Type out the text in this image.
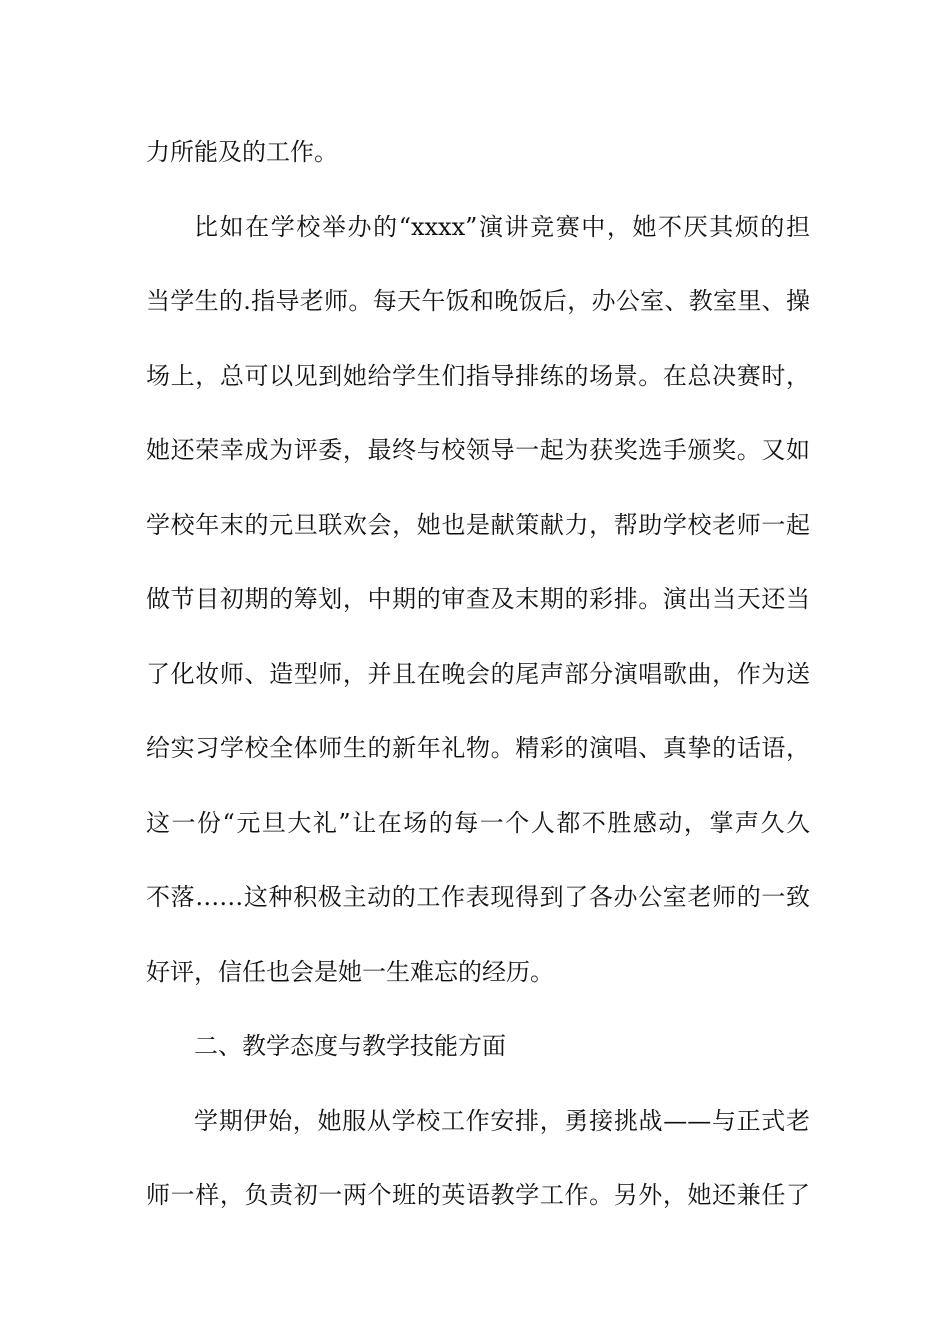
力所能及的工作。
比如在学校举办的“xxxx”演讲竞赛中，她不厌其烦的担
当学生的.指导老师。每天午饭和晚饭后，办公室、教室里、操
场上，总可以见到她给学生们指导排练的场景。在总决赛时，
她还荣幸成为评委，最终与校领导一起为获奖选手颁奖。又如
学校年末的元旦联欢会，她也是献策献力，帮助学校老师一起
做节目初期的筹划，中期的审查及末期的彩排。演出当天还当
了化妆师、造型师，并且在晚会的尾声部分演唱歌曲，作为送
给实习学校全体师生的新年礼物。精彩的演唱、真挚的话语，
这一份“元旦大礼”让在场的每一个人都不胜感动，掌声久久
不落……这种积极主动的工作表现得到了各办公室老师的一致
好评，信任也会是她一生难忘的经历。
二、教学态度与教学技能方面
学期伊始，她服从学校工作安排，勇接挑战——与正式老
师一样，负责初一两个班的英语教学工作。另外，她还兼任了
